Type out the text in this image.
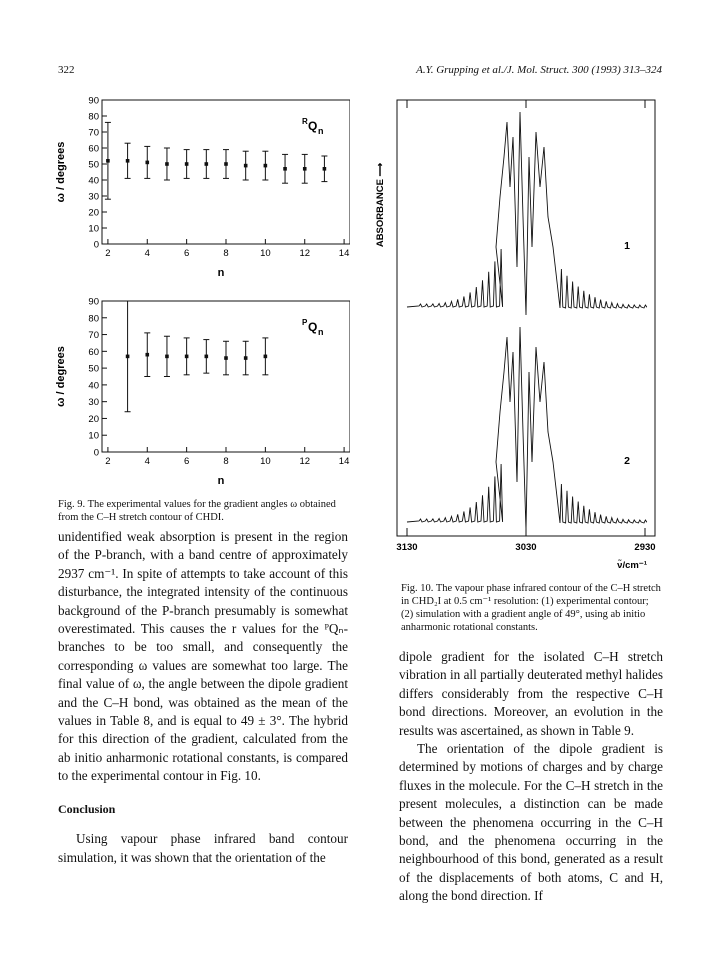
322	A.Y. Grupping et al./J. Mol. Struct. 300 (1993) 313–324
0
10
20
30
40
50
60
70
80
90
2	4	6	8	10	12	14
R Q n
n
ω / degrees
0
10
20
30
40
50
60
70
80
90
2	4	6	8	10	12	14
P Q n
n
ω / degrees
Fig. 9. The experimental values for the gradient angles ω obtained from the C–H stretch contour of CHDI.
3130	3030	2930
ν̃/cm⁻¹
ABSORBANCE ⟶	1
2
Fig. 10. The vapour phase infrared contour of the C–H stretch in CHD₂I at 0.5 cm⁻¹ resolution: (1) experimental contour; (2) simulation with a gradient angle of 49°, using ab initio anharmonic rotational constants.

unidentified weak absorption is present in the region of the P-branch, with a band centre of approximately 2937 cm⁻¹. In spite of attempts to take account of this disturbance, the integrated intensity of the continuous background of the P-branch presumably is somewhat overestimated. This causes the r values for the ᴾQₙ-branches to be too small, and consequently the corresponding ω values are somewhat too large. The final value of ω, the angle between the dipole gradient and the C–H bond, was obtained as the mean of the values in Table 8, and is equal to 49 ± 3°. The hybrid for this direction of the gradient, calculated from the ab initio anharmonic rotational constants, is compared to the experimental contour in Fig. 10.

Conclusion

Using vapour phase infrared band contour simulation, it was shown that the orientation of the

dipole gradient for the isolated C–H stretch vibration in all partially deuterated methyl halides differs considerably from the respective C–H bond directions. Moreover, an evolution in the results was ascertained, as shown in Table 9.

The orientation of the dipole gradient is determined by motions of charges and by charge fluxes in the molecule. For the C–H stretch in the present molecules, a distinction can be made between the phenomena occurring in the C–H bond, and the phenomena occurring in the neighbourhood of this bond, generated as a result of the displacements of both atoms, C and H, along the bond direction. If
